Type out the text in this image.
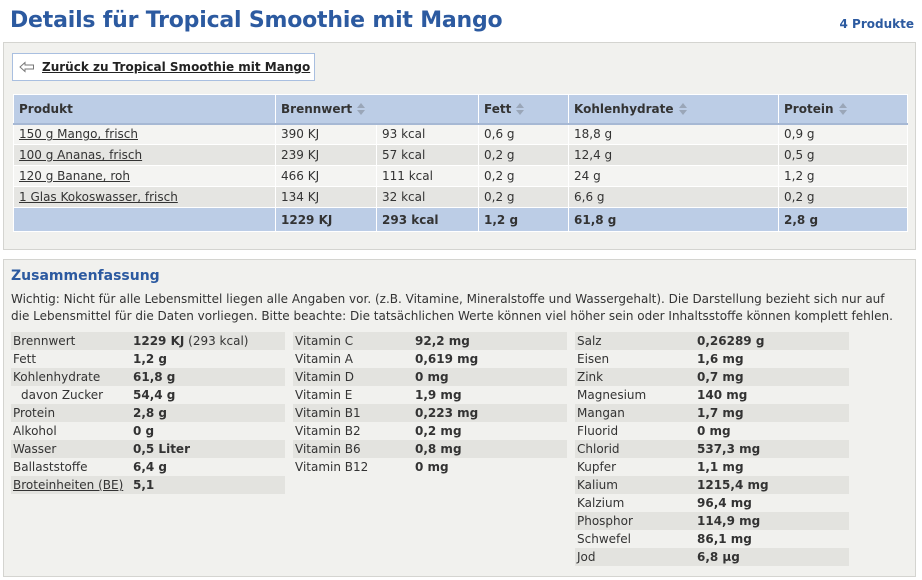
Details für Tropical Smoothie mit Mango	4 Produkte
Zurück zu Tropical Smoothie mit Mango
Produkt	Brennwert		Fett	Kohlenhydrate	Protein
150 g Mango, frisch	390 KJ	93 kcal	0,6 g	18,8 g	0,9 g
100 g Ananas, frisch	239 KJ	57 kcal	0,2 g	12,4 g	0,5 g
120 g Banane, roh	466 KJ	111 kcal	0,2 g	24 g	1,2 g
1 Glas Kokoswasser, frisch	134 KJ	32 kcal	0,2 g	6,6 g	0,2 g
	1229 KJ	293 kcal	1,2 g	61,8 g	2,8 g
Zusammenfassung

Wichtig: Nicht für alle Lebensmittel liegen alle Angaben vor. (z.B. Vitamine, Mineralstoffe und Wassergehalt). Die Darstellung bezieht sich nur auf die Lebensmittel für die Daten vorliegen. Bitte beachte: Die tatsächlichen Werte können viel höher sein oder Inhaltsstoffe können komplett fehlen.

Brennwert	1229 KJ (293 kcal)
Fett	1,2 g
Kohlenhydrate	61,8 g
davon Zucker	54,4 g
Protein	2,8 g
Alkohol	0 g
Wasser	0,5 Liter
Ballaststoffe	6,4 g
Broteinheiten (BE) 5,1
Vitamin C	92,2 mg
Vitamin A	0,619 mg
Vitamin D	0 mg
Vitamin E	1,9 mg
Vitamin B1	0,223 mg
Vitamin B2	0,2 mg
Vitamin B6	0,8 mg
Vitamin B12	0 mg
Salz	0,26289 g
Eisen	1,6 mg
Zink	0,7 mg
Magnesium	140 mg
Mangan	1,7 mg
Fluorid	0 mg
Chlorid	537,3 mg
Kupfer	1,1 mg
Kalium	1215,4 mg
Kalzium	96,4 mg
Phosphor	114,9 mg
Schwefel	86,1 mg
Jod	6,8 µg
